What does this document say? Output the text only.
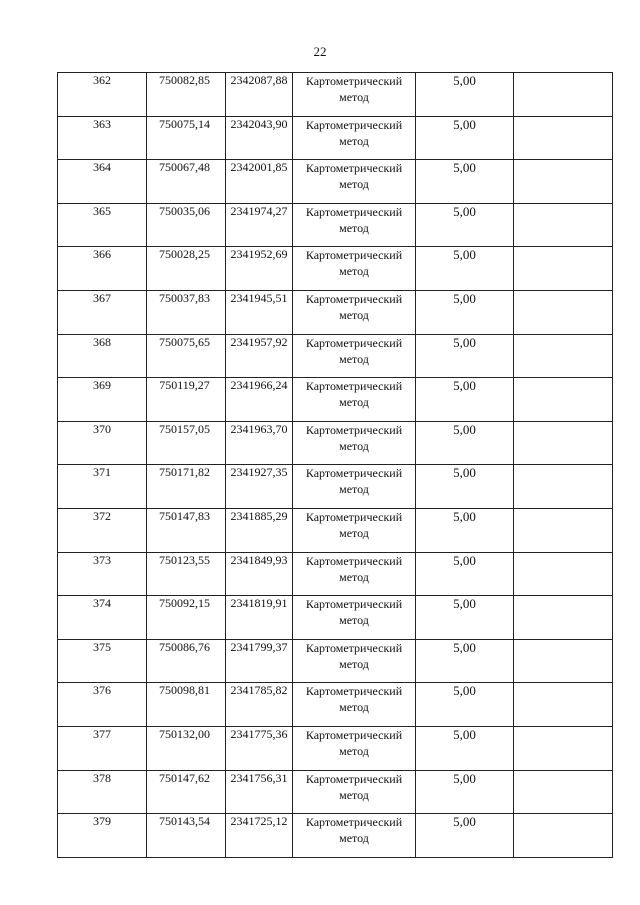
22
362	750082,85	2342087,88	Картометрический метод	5,00	
363	750075,14	2342043,90	Картометрический метод	5,00	
364	750067,48	2342001,85	Картометрический метод	5,00	
365	750035,06	2341974,27	Картометрический метод	5,00	
366	750028,25	2341952,69	Картометрический метод	5,00	
367	750037,83	2341945,51	Картометрический метод	5,00	
368	750075,65	2341957,92	Картометрический метод	5,00	
369	750119,27	2341966,24	Картометрический метод	5,00	
370	750157,05	2341963,70	Картометрический метод	5,00	
371	750171,82	2341927,35	Картометрический метод	5,00	
372	750147,83	2341885,29	Картометрический метод	5,00	
373	750123,55	2341849,93	Картометрический метод	5,00	
374	750092,15	2341819,91	Картометрический метод	5,00	
375	750086,76	2341799,37	Картометрический метод	5,00	
376	750098,81	2341785,82	Картометрический метод	5,00	
377	750132,00	2341775,36	Картометрический метод	5,00	
378	750147,62	2341756,31	Картометрический метод	5,00	
379	750143,54	2341725,12	Картометрический метод	5,00	
